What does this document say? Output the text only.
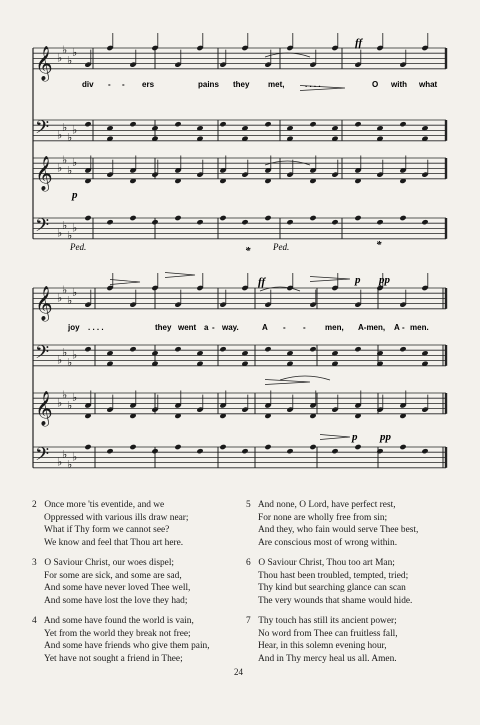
𝄞 ♭
♭
♭
♭
𝄢 ♭
♭
♭
♭
𝄞 ♭
♭
♭
♭
𝄢 ♭
♭
♭
♭
𝄞 ♭
♭
♭
♭
𝄢 ♭
♭
♭
♭
𝄞 ♭
♭
♭
♭
𝄢 ♭
♭
♭
♭
div - - ers	pains they met,	. . . .	O with what
ff
p
Ped.	Ped.
*	*
joy . . . .	they went a - way.	A - - men, A-men, A - men.
ff	p pp
p pp
2 Once more 'tis eventide, and we
Oppressed with various ills draw near;
What if Thy form we cannot see?
We know and feel that Thou art here.
3 O Saviour Christ, our woes dispel;
For some are sick, and some are sad,
And some have never loved Thee well,
And some have lost the love they had;
4 And some have found the world is vain,
Yet from the world they break not free;
And some have friends who give them pain,
Yet have not sought a friend in Thee;
5 And none, O Lord, have perfect rest,
For none are wholly free from sin;
And they, who fain would serve Thee best,
Are conscious most of wrong within.
6 O Saviour Christ, Thou too art Man;
Thou hast been troubled, tempted, tried;
Thy kind but searching glance can scan
The very wounds that shame would hide.
7 Thy touch has still its ancient power;
No word from Thee can fruitless fall,
Hear, in this solemn evening hour,
And in Thy mercy heal us all. Amen.
24
